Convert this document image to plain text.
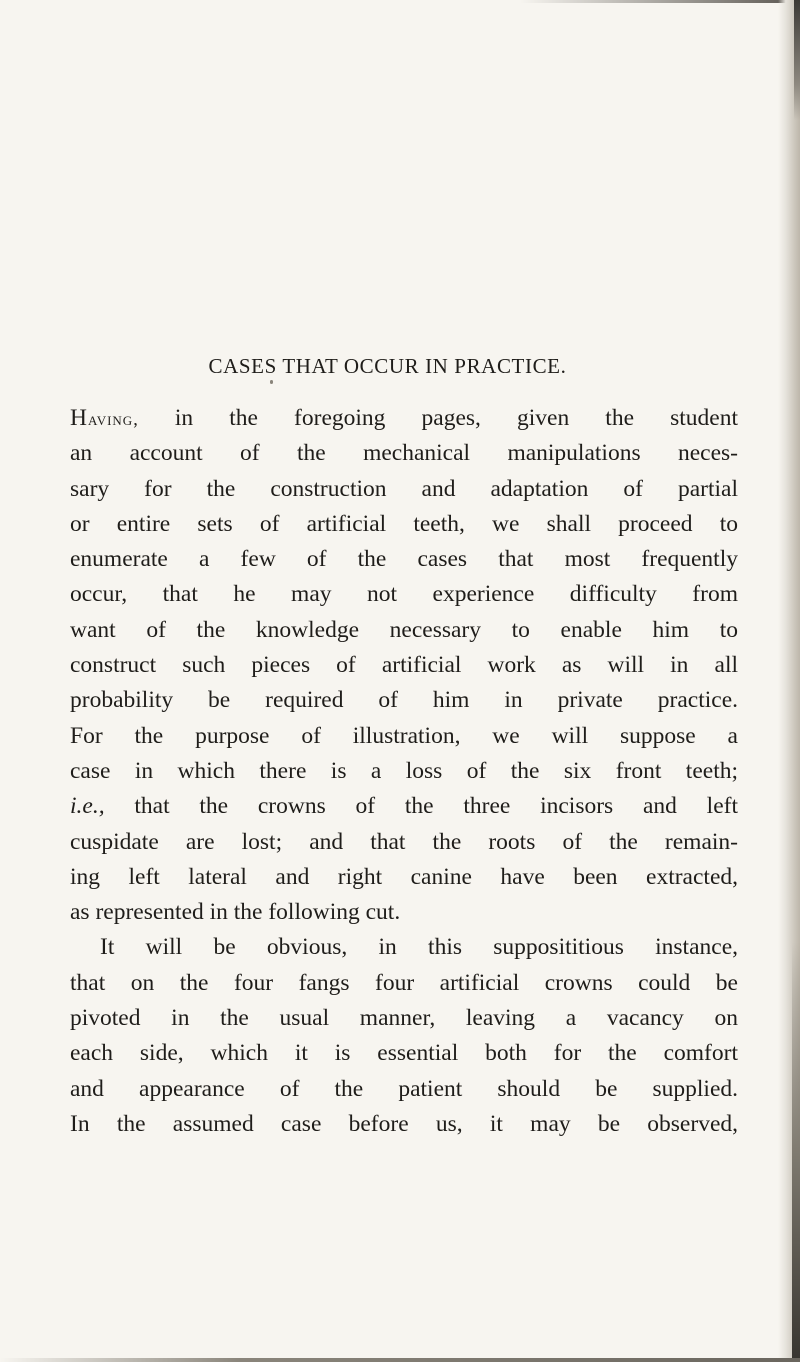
CASES THAT OCCUR IN PRACTICE.
Having, in the foregoing pages, given the student
an account of the mechanical manipulations neces-
sary for the construction and adaptation of partial
or entire sets of artificial teeth, we shall proceed to
enumerate a few of the cases that most frequently
occur, that he may not experience difficulty from
want of the knowledge necessary to enable him to
construct such pieces of artificial work as will in all
probability be required of him in private practice.
For the purpose of illustration, we will suppose a
case in which there is a loss of the six front teeth;
i.e., that the crowns of the three incisors and left
cuspidate are lost; and that the roots of the remain-
ing left lateral and right canine have been extracted,
as represented in the following cut.
It will be obvious, in this supposititious instance,
that on the four fangs four artificial crowns could be
pivoted in the usual manner, leaving a vacancy on
each side, which it is essential both for the comfort
and appearance of the patient should be supplied.
In the assumed case before us, it may be observed,
